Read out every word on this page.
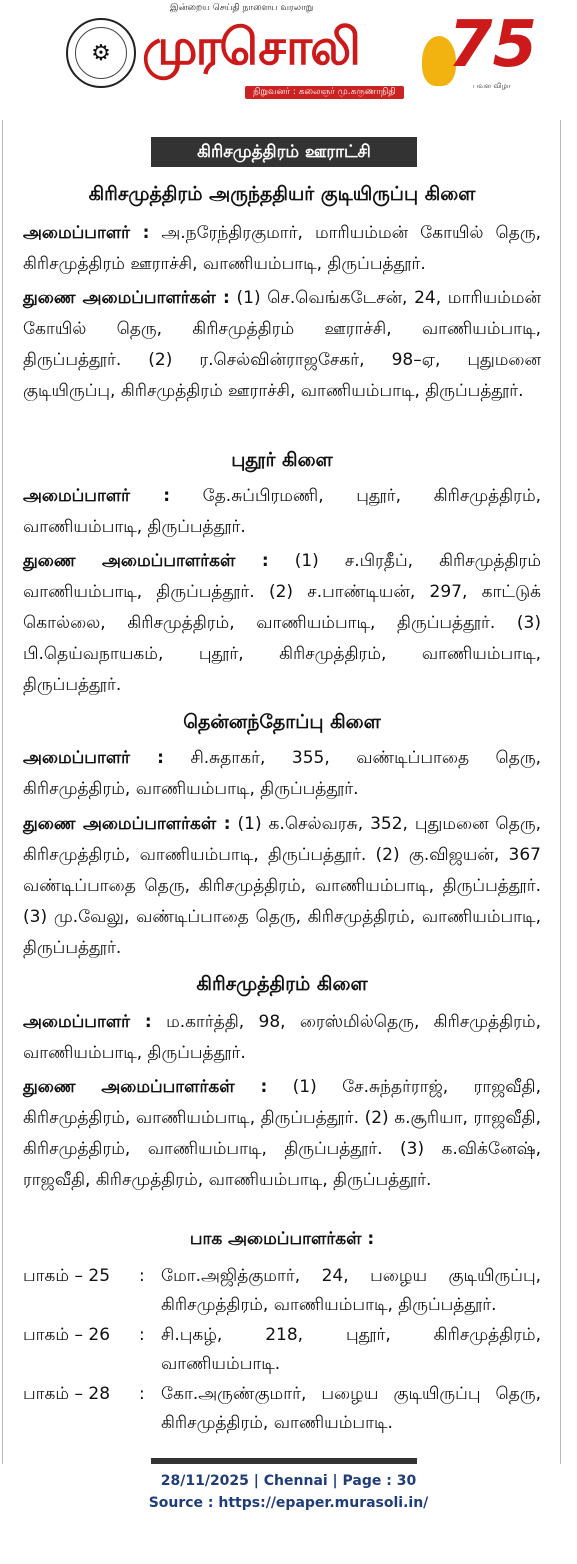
இன்றைய செய்தி நாளைய வரலாறு
⚙ முரசொலி
நிறுவனர் : கலைஞர் மு.கருணாநிதி
75
பவள விழா
கிரிசமுத்திரம் ஊராட்சி
கிரிசமுத்திரம் அருந்ததியர் குடியிருப்பு கிளை
அமைப்பாளர் : அ.நரேந்திரகுமார், மாரியம்மன் கோயில் தெரு, கிரிசமுத்திரம் ஊராச்சி, வாணியம்பாடி, திருப்பத்தூர்.
துணை அமைப்பாளர்கள் : (1) செ.வெங்கடேசன், 24, மாரியம்மன் கோயில் தெரு, கிரிசமுத்திரம் ஊராச்சி, வாணியம்பாடி, திருப்பத்தூர். (2) ர.செல்வின்ராஜசேகர், 98–ஏ, புதுமனை குடியிருப்பு, கிரிசமுத்திரம் ஊராச்சி, வாணியம்பாடி, திருப்பத்தூர்.
புதூர் கிளை
அமைப்பாளர் : தே.சுப்பிரமணி, புதூர், கிரிசமுத்திரம், வாணியம்பாடி, திருப்பத்தூர்.
துணை அமைப்பாளர்கள் : (1) ச.பிரதீப், கிரிசமுத்திரம் வாணியம்பாடி, திருப்பத்தூர். (2) ச.பாண்டியன், 297, காட்டுக் கொல்லை, கிரிசமுத்திரம், வாணியம்பாடி, திருப்பத்தூர். (3) பி.தெய்வநாயகம், புதூர், கிரிசமுத்திரம், வாணியம்பாடி, திருப்பத்தூர்.
தென்னந்தோப்பு கிளை
அமைப்பாளர் : சி.சுதாகர், 355, வண்டிப்பாதை தெரு, கிரிசமுத்திரம், வாணியம்பாடி, திருப்பத்தூர்.
துணை அமைப்பாளர்கள் : (1) க.செல்வரசு, 352, புதுமனை தெரு, கிரிசமுத்திரம், வாணியம்பாடி, திருப்பத்தூர். (2) கு.விஜயன், 367 வண்டிப்பாதை தெரு, கிரிசமுத்திரம், வாணியம்பாடி, திருப்பத்தூர். (3) மு.வேலு, வண்டிப்பாதை தெரு, கிரிசமுத்திரம், வாணியம்பாடி, திருப்பத்தூர்.
கிரிசமுத்திரம் கிளை
அமைப்பாளர் : ம.கார்த்தி, 98, ரைஸ்மில்தெரு, கிரிசமுத்திரம், வாணியம்பாடி, திருப்பத்தூர்.
துணை அமைப்பாளர்கள் : (1) சே.சுந்தர்ராஜ், ராஜவீதி, கிரிசமுத்திரம், வாணியம்பாடி, திருப்பத்தூர். (2) க.சூரியா, ராஜவீதி, கிரிசமுத்திரம், வாணியம்பாடி, திருப்பத்தூர். (3) க.விக்னேஷ், ராஜவீதி, கிரிசமுத்திரம், வாணியம்பாடி, திருப்பத்தூர்.
பாக அமைப்பாளர்கள் :
பாகம் – 25	: மோ.அஜித்குமார், 24, பழைய குடியிருப்பு, கிரிசமுத்திரம், வாணியம்பாடி, திருப்பத்தூர்.
பாகம் – 26	: சி.புகழ், 218, புதூர், கிரிசமுத்திரம், வாணியம்பாடி.
பாகம் – 28	: கோ.அருண்குமார், பழைய குடியிருப்பு தெரு, கிரிசமுத்திரம், வாணியம்பாடி.
28/11/2025 | Chennai | Page : 30
Source : https://epaper.murasoli.in/
